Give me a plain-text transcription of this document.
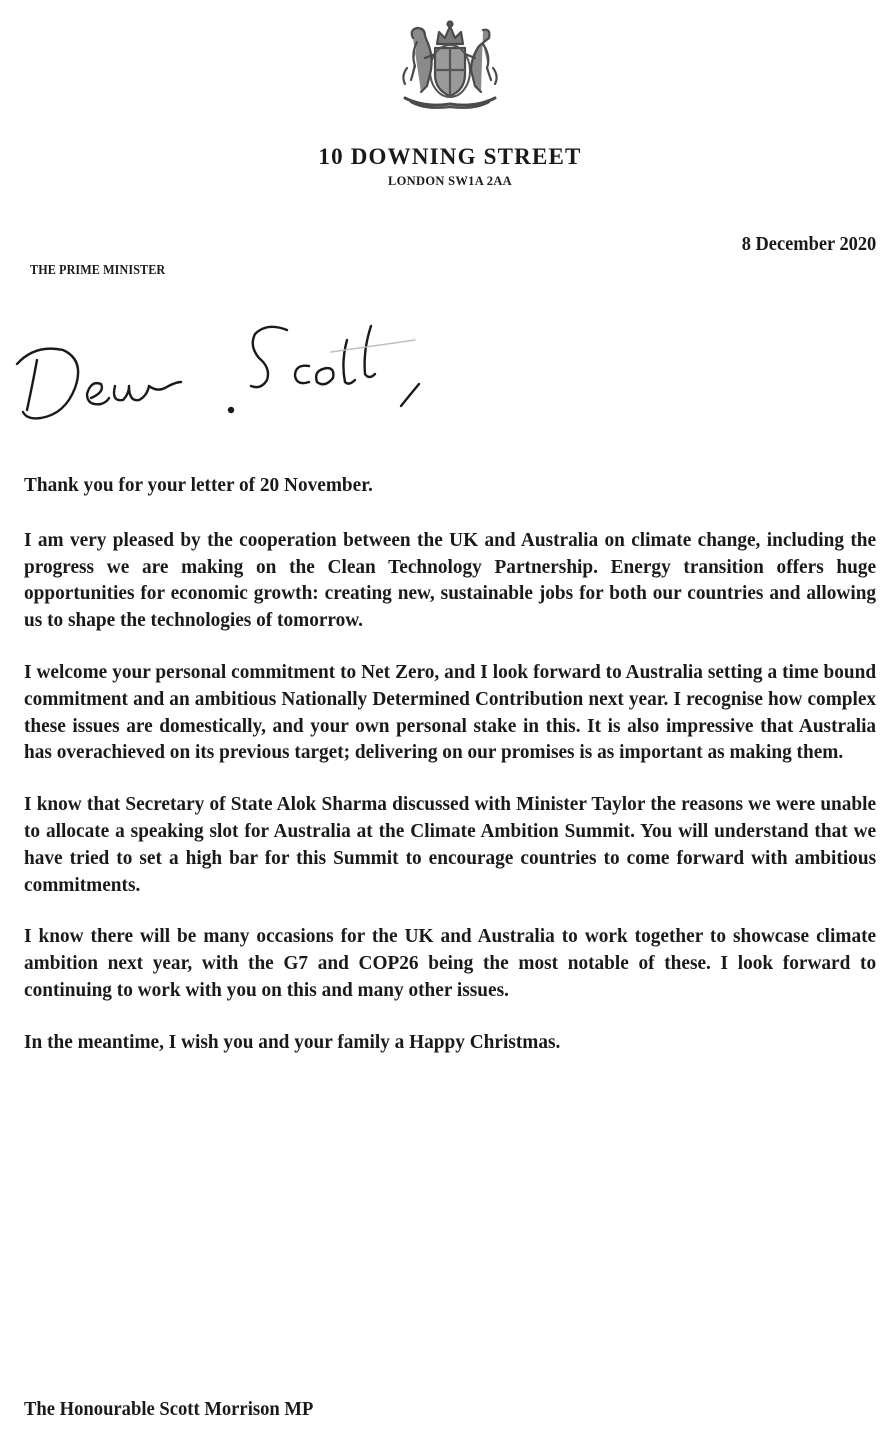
10 DOWNING STREET
LONDON SW1A 2AA
8 December 2020
THE PRIME MINISTER

Thank you for your letter of 20 November.

I am very pleased by the cooperation between the UK and Australia on climate change, including the progress we are making on the Clean Technology Partnership. Energy transition offers huge opportunities for economic growth: creating new, sustainable jobs for both our countries and allowing us to shape the technologies of tomorrow.

I welcome your personal commitment to Net Zero, and I look forward to Australia setting a time bound commitment and an ambitious Nationally Determined Contribution next year. I recognise how complex these issues are domestically, and your own personal stake in this. It is also impressive that Australia has overachieved on its previous target; delivering on our promises is as important as making them.

I know that Secretary of State Alok Sharma discussed with Minister Taylor the reasons we were unable to allocate a speaking slot for Australia at the Climate Ambition Summit. You will understand that we have tried to set a high bar for this Summit to encourage countries to come forward with ambitious commitments.

I know there will be many occasions for the UK and Australia to work together to showcase climate ambition next year, with the G7 and COP26 being the most notable of these. I look forward to continuing to work with you on this and many other issues.

In the meantime, I wish you and your family a Happy Christmas.

The Honourable Scott Morrison MP
